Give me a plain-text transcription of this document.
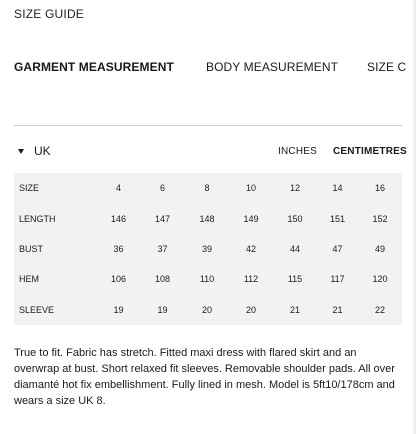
SIZE GUIDE
GARMENT MEASUREMENT	BODY MEASUREMENT SIZE C
UK	INCHES CENTIMETRES
SIZE	4	6	8	10	12	14	16
LENGTH	146	147	148	149	150	151	152
BUST	36	37	39	42	44	47	49
HEM	106	108	110	112	115	117	120
SLEEVE	19	19	20	20	21	21	22
True to fit. Fabric has stretch. Fitted maxi dress with flared skirt and an overwrap at bust. Short relaxed fit sleeves. Removable shoulder pads. All over diamanté hot fix embellishment. Fully lined in mesh. Model is 5ft10/178cm and wears a size UK 8.
